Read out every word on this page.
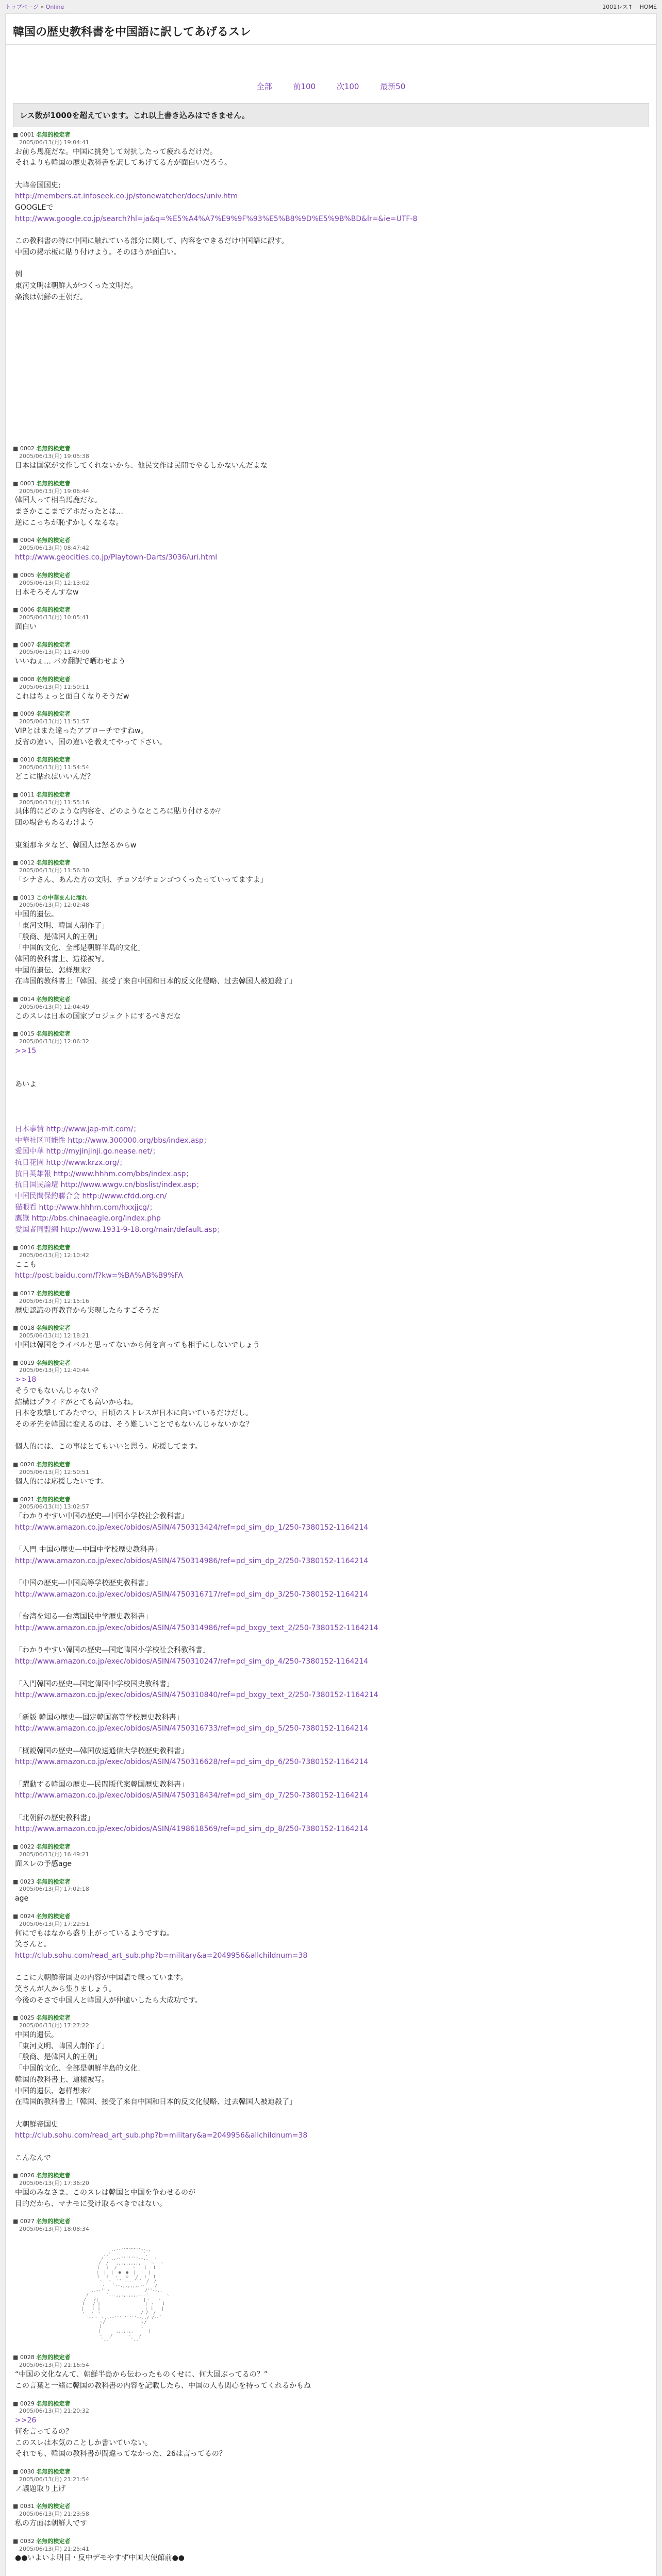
トップページ » Online	1001レス↑ HOME
韓国の歴史教科書を中国語に訳してあげるスレ
全部	前100	次100	最新50
レス数が1000を超えています。これ以上書き込みはできません。
■ 0001 名無的検定者
2005/06/13(月) 19:04:41
お前ら馬鹿だな。中国に挑発して対抗したって疲れるだけだ。
それよりも韓国の歴史教科書を訳してあげてる方が面白いだろう。

大韓帝国国史:
http://members.at.infoseek.co.jp/stonewatcher/docs/univ.htm
GOOGLEで
http://www.google.co.jp/search?hl=ja&q=%E5%A4%A7%E9%9F%93%E5%B8%9D%E5%9B%BD&lr=&ie=UTF-8

この教科書の特に中国に触れている部分に関して、内容をできるだけ中国語に訳す。
中国の掲示板に貼り付けよう。そのほうが面白い。

例
東河文明は朝鮮人がつくった文明だ。
楽浪は朝鮮の王朝だ。
■ 0002 名無的検定者
2005/06/13(月) 19:05:38
日本は国家が文作してくれないから、他民文作は民間でやるしかないんだよな
■ 0003 名無的検定者
2005/06/13(月) 19:06:44
韓国人って相当馬鹿だな。
まさかここまでアホだったとは…
逆にこっちが恥ずかしくなるな。
■ 0004 名無的検定者
2005/06/13(月) 08:47:42
http://www.geocities.co.jp/Playtown-Darts/3036/uri.html
■ 0005 名無的検定者
2005/06/13(月) 12:13:02
日本そろそんすなw
■ 0006 名無的検定者
2005/06/13(月) 10:05:41
面白い
■ 0007 名無的検定者
2005/06/13(月) 11:47:00
いいねぇ… バカ翻訳で晒わせよう
■ 0008 名無的検定者
2005/06/13(月) 11:50:11
これはちょっと面白くなりそうだw
■ 0009 名無的検定者
2005/06/13(月) 11:51:57
VIPとはまた違ったアプローチですねw。
反省の違い、国の違いを教えてやって下さい。
■ 0010 名無的検定者
2005/06/13(月) 11:54:54
どこに貼ればいいんだ？
■ 0011 名無的検定者
2005/06/13(月) 11:55:16
具体的にどのような内容を、どのようなところに貼り付けるか？
団の場合もあるわけよう

東須那ネタなど、韓国人は怒るからw
■ 0012 名無的検定者
2005/06/13(月) 11:56:30
「シナさん、あんた方の文明、チョソがチョンゴつくったっていってますよ」
■ 0013 この中華まんに溜れ
2005/06/13(月) 12:02:48
中国的遺伝。
「東河文明、韓国人制作了」
「殷商、是韓国人的王朝」
「中国的文化、全部是朝鮮半島的文化」
韓国的教科書上、這樣被写。
中国的遺伝、怎样想来？
在韓国的教科書上「韓国、接受了来自中国和日本的反文化侵略、过去韓国人被迫殺了」
■ 0014 名無的検定者
2005/06/13(月) 12:04:49
このスレは日本の国家プロジェクトにするべきだな
■ 0015 名無的検定者
2005/06/13(月) 12:06:32
>>15

あいよ

日本事情 http://www.jap-mit.com/；
中華社区可能性 http://www.300000.org/bbs/index.asp；
愛国中華 http://myjinjinji.go.nease.net/；
抗日花園 http://www.krzx.org/；
抗日英雄報 http://www.hhhm.com/bbs/index.asp；
抗日国民論壇 http://www.wwgv.cn/bbslist/index.asp；
中国民間保釣聯合会 http://www.cfdd.org.cn/
猫眼看 http://www.hhhm.com/hxxjjcg/；
鷹嶽 http://bbs.chinaeagle.org/index.php
愛国者同盟網 http://www.1931-9-18.org/main/default.asp；
■ 0016 名無的検定者
2005/06/13(月) 12:10:42
ここも
http://post.baidu.com/f?kw=%BA%AB%B9%FA
■ 0017 名無的検定者
2005/06/13(月) 12:15:16
歴史認識の再教育から実現したらすごそうだ
■ 0018 名無的検定者
2005/06/13(月) 12:18:21
中国は韓国をライバルと思ってないから何を言っても相手にしないでしょう
■ 0019 名無的検定者
2005/06/13(月) 12:40:44
>>18
そうでもないんじゃない？
結構はプライドがとても高いからね。
日本を攻撃してみたでつ、日頃のストレスが日本に向いているだけだし。
その矛先を韓国に変えるのは、そう難しいことでもないんじゃないかな？

個人的には、この事はとてもいいと思う。応援してます。
■ 0020 名無的検定者
2005/06/13(月) 12:50:51
個人的には応援したいです。
■ 0021 名無的検定者
2005/06/13(月) 13:02:57
「わかりやすい中国の歴史―中国小学校社会教科書」
http://www.amazon.co.jp/exec/obidos/ASIN/4750313424/ref=pd_sim_dp_1/250-7380152-1164214

「入門 中国の歴史―中国中学校歴史教科書」
http://www.amazon.co.jp/exec/obidos/ASIN/4750314986/ref=pd_sim_dp_2/250-7380152-1164214

「中国の歴史―中国高等学校歴史教科書」
http://www.amazon.co.jp/exec/obidos/ASIN/4750316717/ref=pd_sim_dp_3/250-7380152-1164214

「台湾を知る―台湾国民中学歴史教科書」
http://www.amazon.co.jp/exec/obidos/ASIN/4750314986/ref=pd_bxgy_text_2/250-7380152-1164214

「わかりやすい韓国の歴史―国定韓国小学校社会科教科書」
http://www.amazon.co.jp/exec/obidos/ASIN/4750310247/ref=pd_sim_dp_4/250-7380152-1164214

「入門韓国の歴史―国定韓国中学校国史教科書」
http://www.amazon.co.jp/exec/obidos/ASIN/4750310840/ref=pd_bxgy_text_2/250-7380152-1164214

「新版 韓国の歴史―国定韓国高等学校歴史教科書」
http://www.amazon.co.jp/exec/obidos/ASIN/4750316733/ref=pd_sim_dp_5/250-7380152-1164214

「概説韓国の歴史―韓国放送通信大学校歴史教科書」
http://www.amazon.co.jp/exec/obidos/ASIN/4750316628/ref=pd_sim_dp_6/250-7380152-1164214

「躍動する韓国の歴史―民間版代案韓国歴史教科書」
http://www.amazon.co.jp/exec/obidos/ASIN/4750318434/ref=pd_sim_dp_7/250-7380152-1164214

「北朝鮮の歴史教科書」
http://www.amazon.co.jp/exec/obidos/ASIN/4198618569/ref=pd_sim_dp_8/250-7380152-1164214
■ 0022 名無的検定者
2005/06/13(月) 16:49:21
面スレの予感age
■ 0023 名無的検定者
2005/06/13(月) 17:02:18
age
■ 0024 名無的検定者
2005/06/13(月) 17:22:51
何にでもはなから盛り上がっているようですね。
笑さんと。
http://club.sohu.com/read_art_sub.php?b=military&a=2049956&allchildnum=38

ここに大朝鮮帝国史の内容が中国語で載っています。
笑さんが人から集りましょう。
今後のそさで中国人と韓国人が仲違いしたら大成功です。
■ 0025 名無的検定者
2005/06/13(月) 17:27:22
中国的遺伝。
「東河文明、韓国人制作了」
「殷商、是韓国人的王朝」
「中国的文化、全部是朝鮮半島的文化」
韓国的教科書上、這樣被写。
中国的遺伝、怎样想来？
在韓国的教科書上「韓国、接受了来自中国和日本的反文化侵略、过去韓国人被迫殺了」

大朝鮮帝国史
http://club.sohu.com/read_art_sub.php?b=military&a=2049956&allchildnum=38

こんなんで
■ 0026 名無的検定者
2005/06/13(月) 17:36:20
中国のみなさま、このスレは韓国と中国を争わせるのが
目的だから、マナモに受け取るべきではない。
■ 0027 名無的検定者
2005/06/13(月) 18:08:34

,.-‐''""""''‐-.,
,.'             `、
/   ,.-‐'''''''‐-.,  ヽ
/  /   ,,,,,,,,,,    ヽ  ヽ
ｌ  ｌ  /      ヽ   ｌ  ｌ
|  |  |  ●  ●  |  |  |
ｌ  ｌ  ヽ   ▽   /  ｌ  ｌ
ヽ  ヽ  `''‐--‐''´  /  /
ヽ   `‐-.,,,,,,.-‐´   /
,.-‐''ヽ              /''‐-.,
/       `‐-.,,,,,,,,,.-‐´       ヽ
/   /|                  |ヽ   ヽ
ｌ   / |                  | ヽ   ｌ
|   ｌ |                  | ｌ   |
ヽ  ヽ ヽ                / /  /
`‐-ヽ ヽ,.-‐'''''''''‐-.,/ /-‐´
ヽ/              ヽ/
ｌ               ｌ
|      ,,,,,,,      |
ヽ   /      ヽ   /
`‐-´        `‐-´
■ 0028 名無的検定者
2005/06/13(月) 21:16:54
“中国の文化なんて、朝鮮半島から伝わったものくせに、何大国ぶってるの？”
この言葉と一緒に韓国の教科書の内容を記載したら、中国の人も関心を持ってくれるかもね
■ 0029 名無的検定者
2005/06/13(月) 21:20:32
>>26
何を言ってるの？
このスレは本気のことしか書いていない。
それでも、韓国の教科書が間違ってなかった、26は言ってるの？
■ 0030 名無的検定者
2005/06/13(月) 21:21:54
ノ議題取り上げ
■ 0031 名無的検定者
2005/06/13(月) 21:23:58
私の方面は朝鮮人です
■ 0032 名無的検定者
2005/06/13(月) 21:25:41
●●いよいよ明日・反中デモやすず中国大使館前●●
